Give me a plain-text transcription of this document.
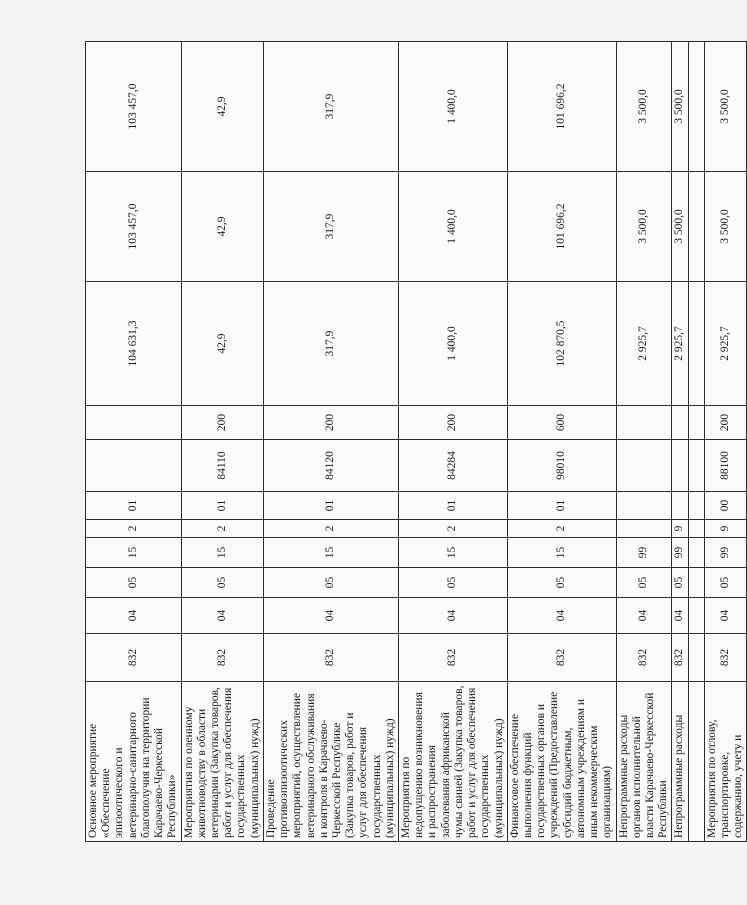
Основное мероприятие «Обеспечение эпизоотического и ветеринарно-санитарного благополучия на территории Карачаево-Черкесской Республики»	832	04	05	15	2	01			104 631,3	103 457,0	103 457,0
Мероприятия по оленному животноводству в области ветеринарии (Закупка товаров, работ и услуг для обеспечения государственных (муниципальных) нужд)	832	04	05	15	2	01	84110	200	42,9	42,9	42,9
Проведение противоэпизоотических мероприятий, осуществление ветеринарного обслуживания и контроля в Карачаево-Черкесской Республике (Закупка товаров, работ и услуг для обеспечения государственных (муниципальных) нужд)	832	04	05	15	2	01	84120	200	317,9	317,9	317,9
Мероприятия по недопущению возникновения и распространения заболевания африканской чумы свиней (Закупка товаров, работ и услуг для обеспечения государственных (муниципальных) нужд)	832	04	05	15	2	01	84284	200	1 400,0	1 400,0	1 400,0
Финансовое обеспечение выполнения функций государственных органов и учреждений (Предоставление субсидий бюджетным, автономным учреждениям и иным некоммерческим организациям)	832	04	05	15	2	01	98010	600	102 870,5	101 696,2	101 696,2
Непрограммные расходы органов исполнительной власти Карачаево-Черкесской Республики	832	04	05	99					2 925,7	3 500,0	3 500,0
Непрограммные расходы	832	04	05	99	9				2 925,7	3 500,0	3 500,0

Мероприятия по отлову, транспортировке, содержанию, учету и	832	04	05	99	9	00	88100	200	2 925,7	3 500,0	3 500,0
